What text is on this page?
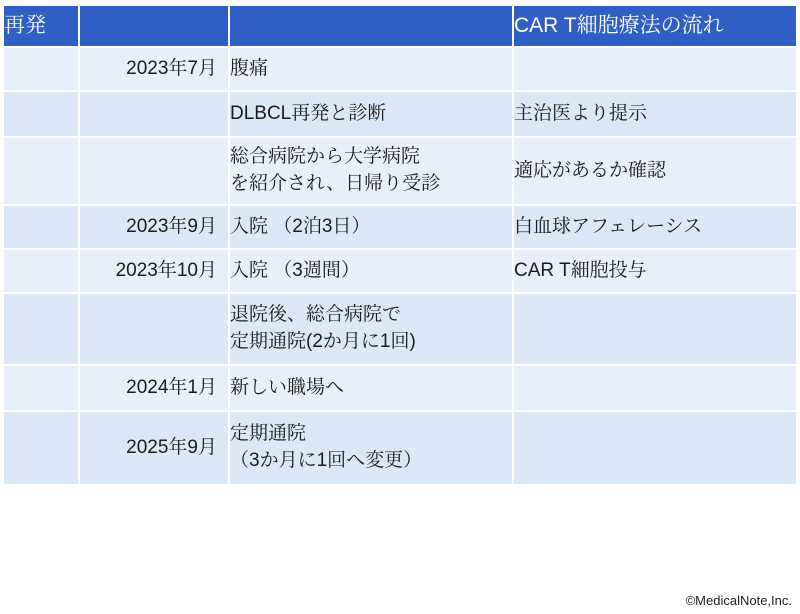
再発			CAR T細胞療法の流れ
	2023年7月	腹痛	

		DLBCL再発と診断	主治医より提示

		総合病院から大学病院
を紹介され、日帰り受診	適応があるか確認

	2023年9月	入院 （2泊3日）	白血球アフェレーシス

	2023年10月	入院 （3週間）	CAR T細胞投与

		退院後、総合病院で
定期通院(2か月に1回)	

	2024年1月	新しい職場へ	

	2025年9月	定期通院
（3か月に1回へ変更）	

©MedicalNote,Inc.
